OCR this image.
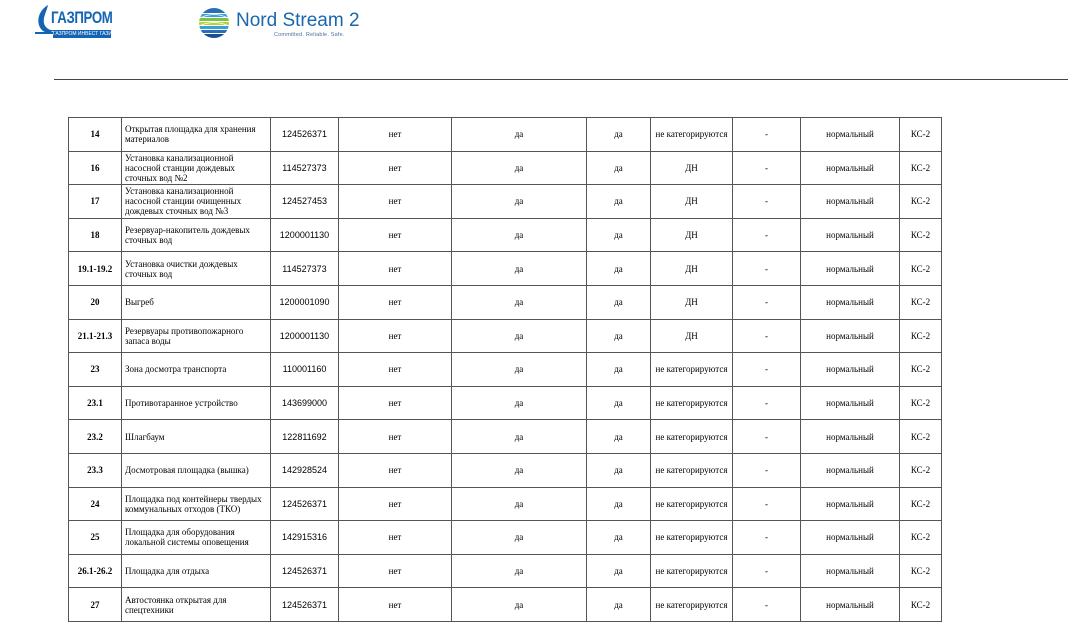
ГАЗПРОМ
ГАЗПРОМ ИНВЕСТ ГАЗИФИКАЦИЯ
Nord Stream 2
Committed. Reliable. Safe.
14	Открытая площадка для хранения материалов	124526371	нет	да	да	не категорируются	-	нормальный	КС-2
16	Установка канализационной насосной станции дождевых сточных вод №2	114527373	нет	да	да	ДН	-	нормальный	КС-2
17	Установка канализационной насосной станции очищенных дождевых сточных вод №3	124527453	нет	да	да	ДН	-	нормальный	КС-2
18	Резервуар-накопитель дождевых сточных вод	1200001130	нет	да	да	ДН	-	нормальный	КС-2
19.1-19.2	Установка очистки дождевых сточных вод	114527373	нет	да	да	ДН	-	нормальный	КС-2
20	Выгреб	1200001090	нет	да	да	ДН	-	нормальный	КС-2
21.1-21.3	Резервуары противопожарного запаса воды	1200001130	нет	да	да	ДН	-	нормальный	КС-2
23	Зона досмотра транспорта	110001160	нет	да	да	не категорируются	-	нормальный	КС-2
23.1	Противотаранное устройство	143699000	нет	да	да	не категорируются	-	нормальный	КС-2
23.2	Шлагбаум	122811692	нет	да	да	не категорируются	-	нормальный	КС-2
23.3	Досмотровая площадка (вышка)	142928524	нет	да	да	не категорируются	-	нормальный	КС-2
24	Площадка под контейнеры твердых коммунальных отходов (ТКО)	124526371	нет	да	да	не категорируются	-	нормальный	КС-2
25	Площадка для оборудования локальной системы оповещения	142915316	нет	да	да	не категорируются	-	нормальный	КС-2
26.1-26.2	Площадка для отдыха	124526371	нет	да	да	не категорируются	-	нормальный	КС-2
27	Автостоянка открытая для спецтехники	124526371	нет	да	да	не категорируются	-	нормальный	КС-2
